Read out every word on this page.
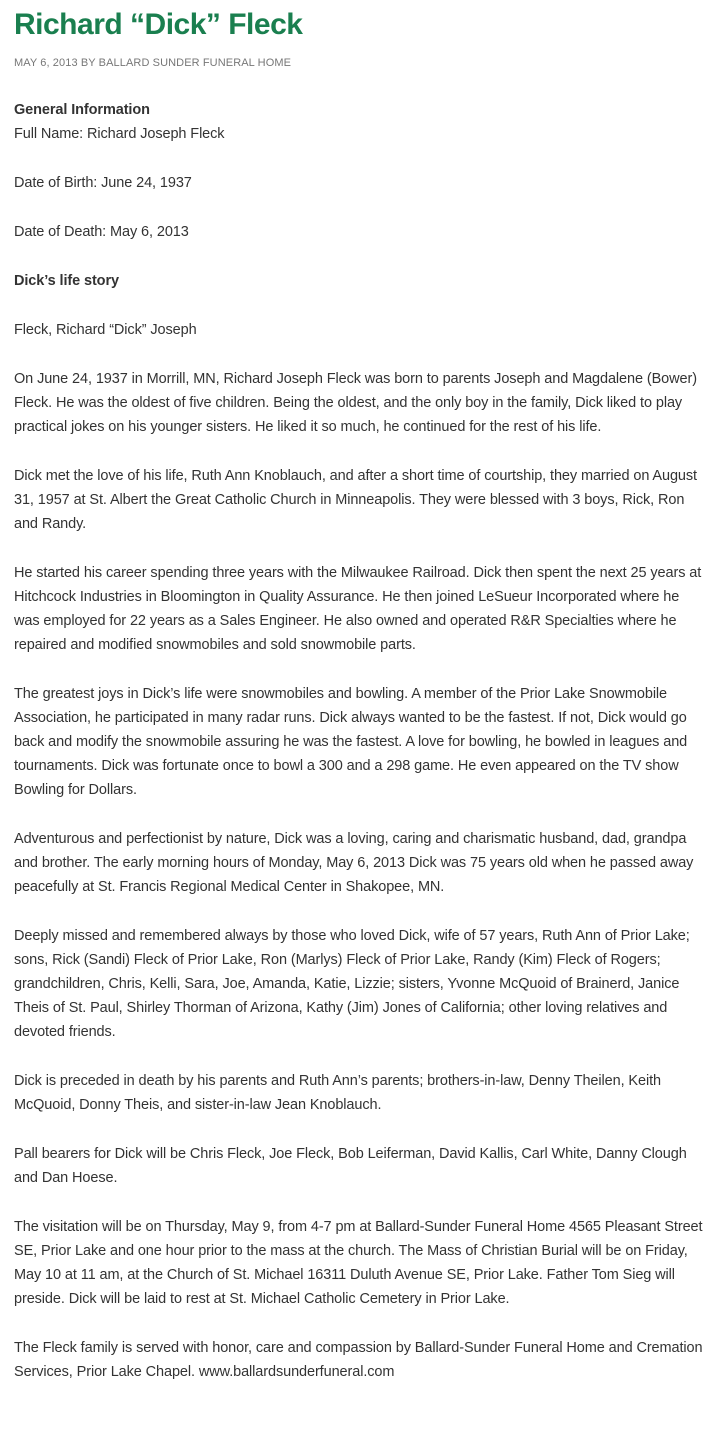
Richard “Dick” Fleck
MAY 6, 2013 BY BALLARD SUNDER FUNERAL HOME

General Information
Full Name: Richard Joseph Fleck

Date of Birth: June 24, 1937

Date of Death: May 6, 2013

Dick’s life story

Fleck, Richard “Dick” Joseph

On June 24, 1937 in Morrill, MN, Richard Joseph Fleck was born to parents Joseph and Magdalene (Bower) Fleck. He was the oldest of five children. Being the oldest, and the only boy in the family, Dick liked to play practical jokes on his younger sisters. He liked it so much, he continued for the rest of his life.

Dick met the love of his life, Ruth Ann Knoblauch, and after a short time of courtship, they married on August 31, 1957 at St. Albert the Great Catholic Church in Minneapolis. They were blessed with 3 boys, Rick, Ron and Randy.

He started his career spending three years with the Milwaukee Railroad. Dick then spent the next 25 years at Hitchcock Industries in Bloomington in Quality Assurance. He then joined LeSueur Incorporated where he was employed for 22 years as a Sales Engineer. He also owned and operated R&R Specialties where he repaired and modified snowmobiles and sold snowmobile parts.

The greatest joys in Dick’s life were snowmobiles and bowling. A member of the Prior Lake Snowmobile Association, he participated in many radar runs. Dick always wanted to be the fastest. If not, Dick would go back and modify the snowmobile assuring he was the fastest. A love for bowling, he bowled in leagues and tournaments. Dick was fortunate once to bowl a 300 and a 298 game. He even appeared on the TV show Bowling for Dollars.

Adventurous and perfectionist by nature, Dick was a loving, caring and charismatic husband, dad, grandpa and brother. The early morning hours of Monday, May 6, 2013 Dick was 75 years old when he passed away peacefully at St. Francis Regional Medical Center in Shakopee, MN.

Deeply missed and remembered always by those who loved Dick, wife of 57 years, Ruth Ann of Prior Lake; sons, Rick (Sandi) Fleck of Prior Lake, Ron (Marlys) Fleck of Prior Lake, Randy (Kim) Fleck of Rogers; grandchildren, Chris, Kelli, Sara, Joe, Amanda, Katie, Lizzie; sisters, Yvonne McQuoid of Brainerd, Janice Theis of St. Paul, Shirley Thorman of Arizona, Kathy (Jim) Jones of California; other loving relatives and devoted friends.

Dick is preceded in death by his parents and Ruth Ann’s parents; brothers-in-law, Denny Theilen, Keith McQuoid, Donny Theis, and sister-in-law Jean Knoblauch.

Pall bearers for Dick will be Chris Fleck, Joe Fleck, Bob Leiferman, David Kallis, Carl White, Danny Clough and Dan Hoese.

The visitation will be on Thursday, May 9, from 4-7 pm at Ballard-Sunder Funeral Home 4565 Pleasant Street SE, Prior Lake and one hour prior to the mass at the church. The Mass of Christian Burial will be on Friday, May 10 at 11 am, at the Church of St. Michael 16311 Duluth Avenue SE, Prior Lake. Father Tom Sieg will preside. Dick will be laid to rest at St. Michael Catholic Cemetery in Prior Lake.

The Fleck family is served with honor, care and compassion by Ballard-Sunder Funeral Home and Cremation Services, Prior Lake Chapel. www.ballardsunderfuneral.com
